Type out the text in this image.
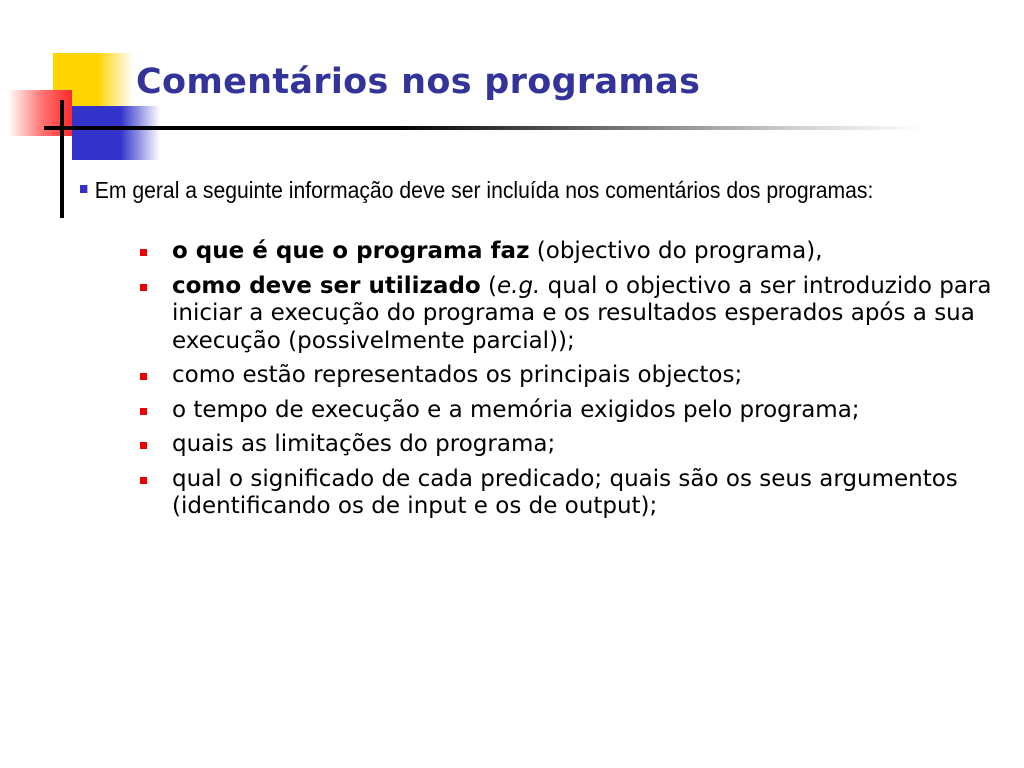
Comentários nos programas
Em geral a seguinte informação deve ser incluída nos comentários dos programas:
o que é que o programa faz (objectivo do programa),
como deve ser utilizado (e.g. qual o objectivo a ser introduzido para iniciar a execução do programa e os resultados esperados após a sua execução (possivelmente parcial));
como estão representados os principais objectos;
o tempo de execução e a memória exigidos pelo programa;
quais as limitações do programa;
qual o significado de cada predicado; quais são os seus argumentos (identificando os de input e os de output);
